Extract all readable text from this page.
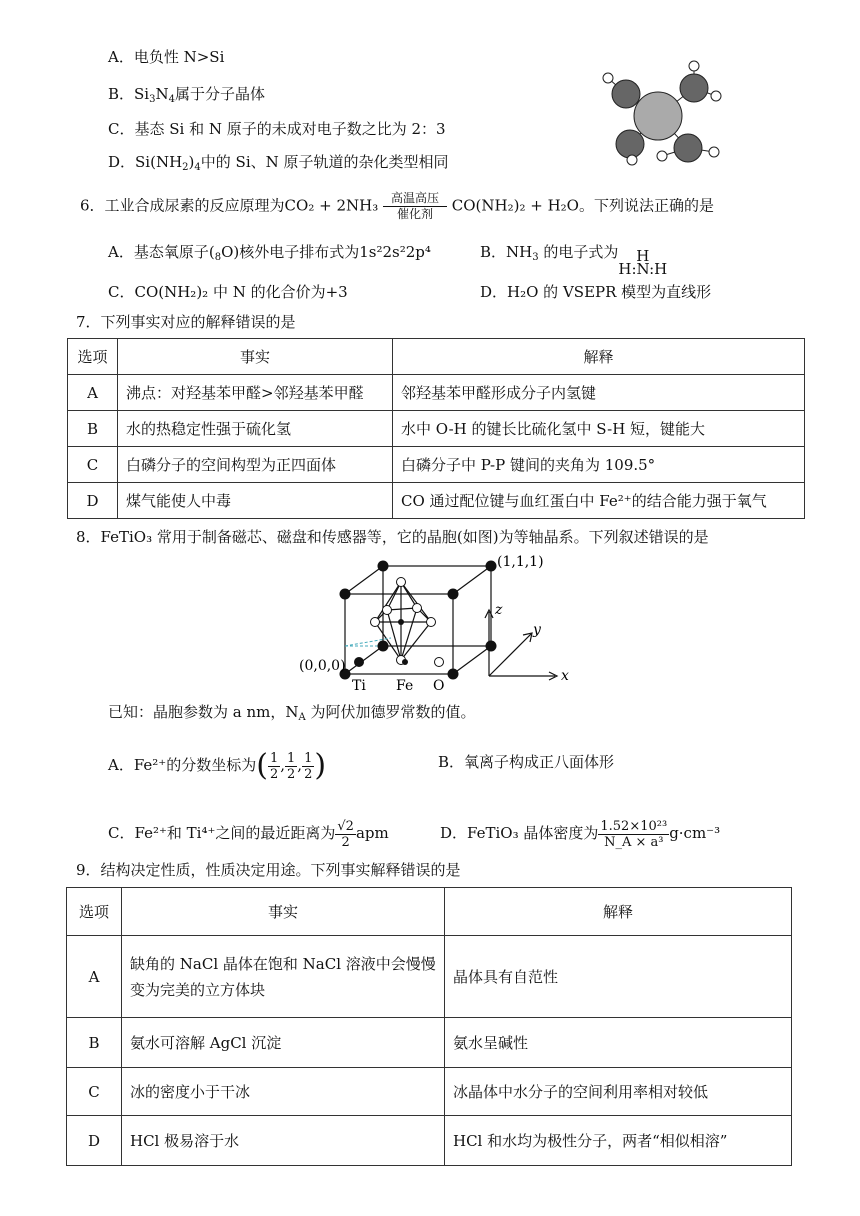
A．电负性 N>Si
B．$Si_3N_4$属于分子晶体
C．基态 Si 和 N 原子的未成对电子数之比为 2：3
D．$Si(NH_2)_4$中的 Si、N 原子轨道的杂化类型相同
6．工业合成尿素的反应原理为CO₂ + 2NH₃ 高温高压
催化剂 CO(NH₂)₂ + H₂O。下列说法正确的是
A．基态氧原子$(_8O)$核外电子排布式为1s²2s²2p⁴	B．$NH_3$ 的电子式为 H
H:N:H
C．CO(NH₂)₂ 中 N 的化合价为+3	D．H₂O 的 VSEPR 模型为直线形
7．下列事实对应的解释错误的是
选项	事实	解释
A	沸点：对羟基苯甲醛>邻羟基苯甲醛	邻羟基苯甲醛形成分子内氢键
B	水的热稳定性强于硫化氢	水中 O-H 的键长比硫化氢中 S-H 短，键能大
C	白磷分子的空间构型为正四面体	白磷分子中 P-P 键间的夹角为 109.5°
D	煤气能使人中毒	CO 通过配位键与血红蛋白中 Fe²⁺的结合能力强于氧气
8．FeTiO₃ 常用于制备磁芯、磁盘和传感器等，它的晶胞(如图)为等轴晶系。下列叙述错误的是
(1,1,1)
(0,0,0)
Ti Fe O
z
y
x
已知：晶胞参数为 a nm，$N_A$ 为阿伏加德罗常数的值。
A．Fe²⁺的分数坐标为( $\frac{1}{2}$ , $\frac{1}{2}$ , $\frac{1}{2}$ )	B．氧离子构成正八面体形
C．Fe²⁺和 Ti⁴⁺之间的最近距离为 $\frac{√2}{2}$ apm	D．FeTiO₃ 晶体密度为 $\frac{\text{1.52×10²³}}{\text{N\_A × a³}} g\cdot cm^{-3}$
9．结构决定性质，性质决定用途。下列事实解释错误的是
选项	事实	解释
A	缺角的 NaCl 晶体在饱和 NaCl 溶液中会慢慢变为完美的立方体块	晶体具有自范性
B	氨水可溶解 AgCl 沉淀	氨水呈碱性
C	冰的密度小于干冰	冰晶体中水分子的空间利用率相对较低
D	HCl 极易溶于水	HCl 和水均为极性分子，两者“相似相溶”
